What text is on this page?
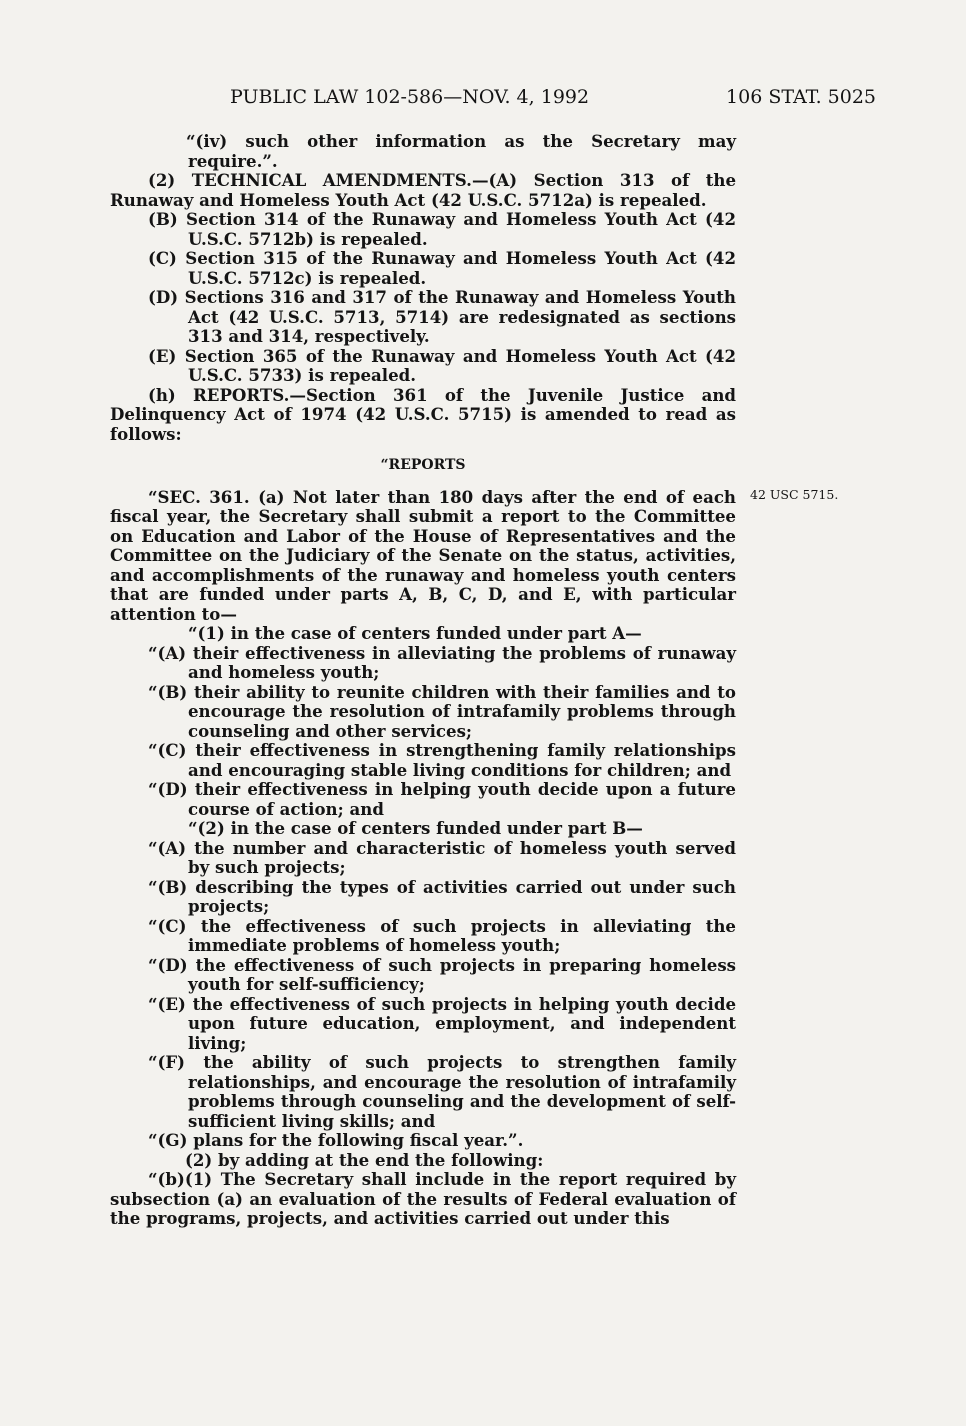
PUBLIC LAW 102-586—NOV. 4, 1992	106 STAT. 5025
42 USC 5715.

“(iv) such other information as the Secretary may require.”.

(2) TECHNICAL AMENDMENTS.—(A) Section 313 of the Runaway and Homeless Youth Act (42 U.S.C. 5712a) is repealed.

(B) Section 314 of the Runaway and Homeless Youth Act (42 U.S.C. 5712b) is repealed.

(C) Section 315 of the Runaway and Homeless Youth Act (42 U.S.C. 5712c) is repealed.

(D) Sections 316 and 317 of the Runaway and Homeless Youth Act (42 U.S.C. 5713, 5714) are redesignated as sections 313 and 314, respectively.

(E) Section 365 of the Runaway and Homeless Youth Act (42 U.S.C. 5733) is repealed.

(h) REPORTS.—Section 361 of the Juvenile Justice and Delinquency Act of 1974 (42 U.S.C. 5715) is amended to read as follows:

“REPORTS

“SEC. 361. (a) Not later than 180 days after the end of each fiscal year, the Secretary shall submit a report to the Committee on Education and Labor of the House of Representatives and the Committee on the Judiciary of the Senate on the status, activities, and accomplishments of the runaway and homeless youth centers that are funded under parts A, B, C, D, and E, with particular attention to—

“(1) in the case of centers funded under part A—

“(A) their effectiveness in alleviating the problems of runaway and homeless youth;

“(B) their ability to reunite children with their families and to encourage the resolution of intrafamily problems through counseling and other services;

“(C) their effectiveness in strengthening family relationships and encouraging stable living conditions for children; and

“(D) their effectiveness in helping youth decide upon a future course of action; and

“(2) in the case of centers funded under part B—

“(A) the number and characteristic of homeless youth served by such projects;

“(B) describing the types of activities carried out under such projects;

“(C) the effectiveness of such projects in alleviating the immediate problems of homeless youth;

“(D) the effectiveness of such projects in preparing homeless youth for self-sufficiency;

“(E) the effectiveness of such projects in helping youth decide upon future education, employment, and independent living;

“(F) the ability of such projects to strengthen family relationships, and encourage the resolution of intrafamily problems through counseling and the development of self-sufficient living skills; and

“(G) plans for the following fiscal year.”.

(2) by adding at the end the following:

“(b)(1) The Secretary shall include in the report required by subsection (a) an evaluation of the results of Federal evaluation of the programs, projects, and activities carried out under this
